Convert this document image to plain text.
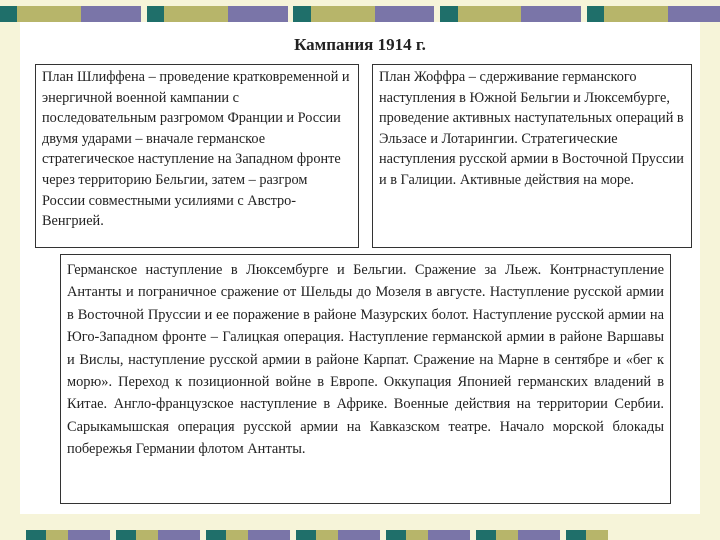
Кампания 1914 г.
План Шлиффена – проведение кратковременной и энергичной военной кампании с последовательным разгромом Франции и России двумя ударами – вначале германское стратегическое наступление на Западном фронте через территорию Бельгии, затем – разгром России совместными усилиями с Австро-Венгрией.
План Жоффра – сдерживание германского наступления в Южной Бельгии и Люксембурге, проведение активных наступательных операций в Эльзасе и Лотарингии. Стратегические наступления русской армии в Восточной Пруссии и в Галиции. Активные действия на море.
Германское наступление в Люксембурге и Бельгии. Сражение за Льеж. Контрнаступление Антанты и пограничное сражение от Шельды до Мозеля в августе. Наступление русской армии в Восточной Пруссии и ее поражение в районе Мазурских болот. Наступление русской армии на Юго-Западном фронте – Галицкая операция. Наступление германской армии в районе Варшавы и Вислы, наступление русской армии в районе Карпат. Сражение на Марне в сентябре и «бег к морю». Переход к позиционной войне в Европе. Оккупация Японией германских владений в Китае. Англо-французское наступление в Африке. Военные действия на территории Сербии. Сарыкамышская операция русской армии на Кавказском театре. Начало морской блокады побережья Германии флотом Антанты.
